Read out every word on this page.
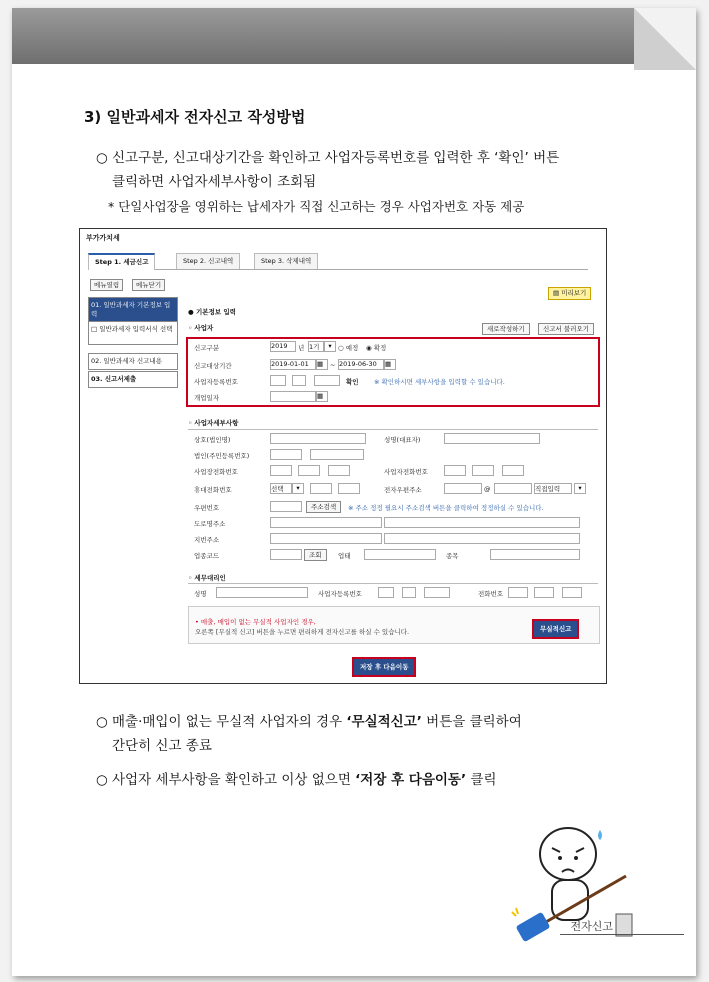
3) 일반과세자 전자신고 작성방법
○ 신고구분, 신고대상기간을 확인하고 사업자등록번호를 입력한 후 ‘확인’ 버튼
클릭하면 사업자세부사항이 조회됨
* 단일사업장을 영위하는 납세자가 직접 신고하는 경우 사업자번호 자동 제공
부가가치세
Step 1. 세금신고	Step 2. 신고내역	Step 3. 삭제내역
메뉴열림	메뉴닫기
▤ 미리보기
01. 일반과세자 기본정보 입력
□ 일반과세자 입력서식 선택
02. 일반과세자 신고내용
03. 신고서제출
● 기본정보 입력
◦ 사업자	새로작성하기	신고서 불러오기
신고구분	2019	년 1기	▾ ○ 예정 ◉ 확정
신고대상기간	2019-01-01	▦	~ 2019-06-30	▦
사업자등록번호	확인 ※ 확인하시면 세부사항을 입력할 수 있습니다.
개업일자	▦
◦ 사업자세부사항
상호(법인명)	성명(대표자)
법인(주민등록번호)
사업장전화번호	사업자전화번호
휴대전화번호	선택	▾	전자우편주소	@	직접입력	▾
우편번호	주소검색	※ 주소 정정 필요시 주소검색 버튼을 클릭하여 정정하실 수 있습니다.
도로명주소
지번주소
업종코드	조회	업태	종목
◦ 세무대리인
성명	사업자등록번호	전화번호
• 매출, 매입이 없는 무실적 사업자인 경우,
오른쪽 [무실적 신고] 버튼을 누르면 편리하게 전자신고를 하실 수 있습니다.	무실적신고
저장 후 다음이동
○ 매출·매입이 없는 무실적 사업자의 경우 ‘무실적신고’ 버튼을 클릭하여
간단히 신고 종료
○ 사업자 세부사항을 확인하고 이상 없으면 ‘저장 후 다음이동’ 클릭
전자신고
